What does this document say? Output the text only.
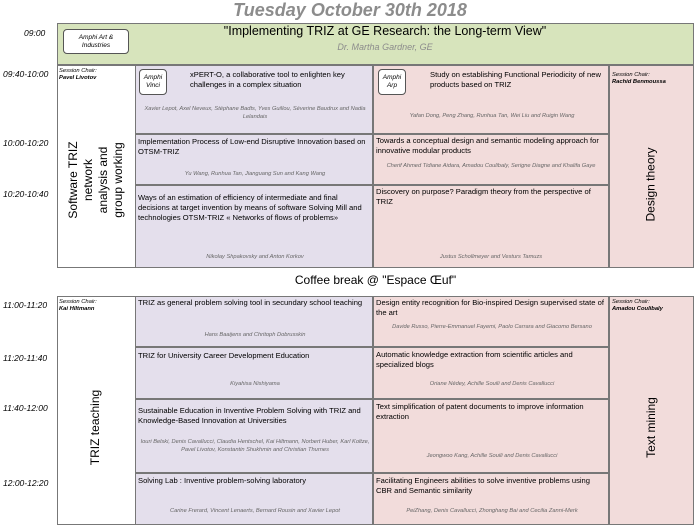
Tuesday October 30th 2018
09:00	Amphi Art & Industries
"Implementing TRIZ at GE Research: the Long-term View"
Dr. Martha Gardner, GE
09:40-10:00
10:00-10:20
10:20-10:40
Session Chair:
Pavel Livotov
Software TRIZ network analysis and group working
Amphi Vinci
xPERT-O, a collaborative tool to enlighten key challenges in a complex situation
Xavier Lepot, Axel Neveux, Stéphane Badts, Yves Guillou, Séverine Baudrux and Nadia Lelandais
Implementation Process of Low-end Disruptive Innovation based on OTSM-TRIZ
Yu Wang, Runhua Tan, Jianguang Sun and Kang Wang
Ways of an estimation of efficiency of intermediate and final decisions at target invention by means of software Solving Mill and technologies OTSM-TRIZ « Networks of flows of problems»
Nikolay Shpakovsky and Anton Korkov
Amphi Arp
Study on establishing Functional Periodicity of new products based on TRIZ
Yafan Dong, Peng Zhang, Runhua Tan, Wei Liu and Ruigin Wang
Towards a conceptual design and semantic modeling approach for innovative modular products
Cherif Ahmed Tidiane Aidara, Amadou Coulibaly, Serigne Diagne and Khalifa Gaye
Discovery on purpose? Paradigm theory from the perspective of TRIZ
Justus Schollmeyer and Vesturs Tamuzs
Session Chair:
Rachid Benmoussa
Design theory
Coffee break @ "Espace Œuf"
11:00-11:20
11:20-11:40
11:40-12:00
12:00-12:20
Session Chair:
Kai Hiltmann
TRIZ teaching
TRIZ as general problem solving tool in secundary school teaching
Hans Baaijens and Chritoph Dobrusskin
TRIZ for University Career Development Education
Kiyahisa Nishiyama
Sustainable Education in Inventive Problem Solving with TRIZ and Knowledge-Based Innovation at Universities
Iouri Belski, Denis Cavallucci, Claudia Hentschel, Kai Hiltmann, Norbert Huber, Karl Koltze, Pavel Livotov, Konstantin Shukhmin and Christian Thurnes
Solving Lab : Inventive problem-solving laboratory
Carine Frerard, Vincent Lenaerts, Bernard Rousin and Xavier Lepot
Design entity recognition for Bio-inspired Design supervised state of the art
Davide Russo, Pierre-Emmanuel Fayemi, Paolo Carrara and Giacomo Bersano
Automatic knowledge extraction from scientific articles and specialized blogs
Oriane Nédey, Achille Souili and Denis Cavallucci
Text simplification of patent documents to improve information extraction
Jeongwoo Kang, Achille Souili and Denis Cavallucci
Facilitating Engineers abilities to solve inventive problems using CBR and Semantic similarity
PeiZhang, Denis Cavallucci, Zhonghang Bai and Cecilia Zanni-Merk
Session Chair:
Amadou Coulibaly
Text mining
